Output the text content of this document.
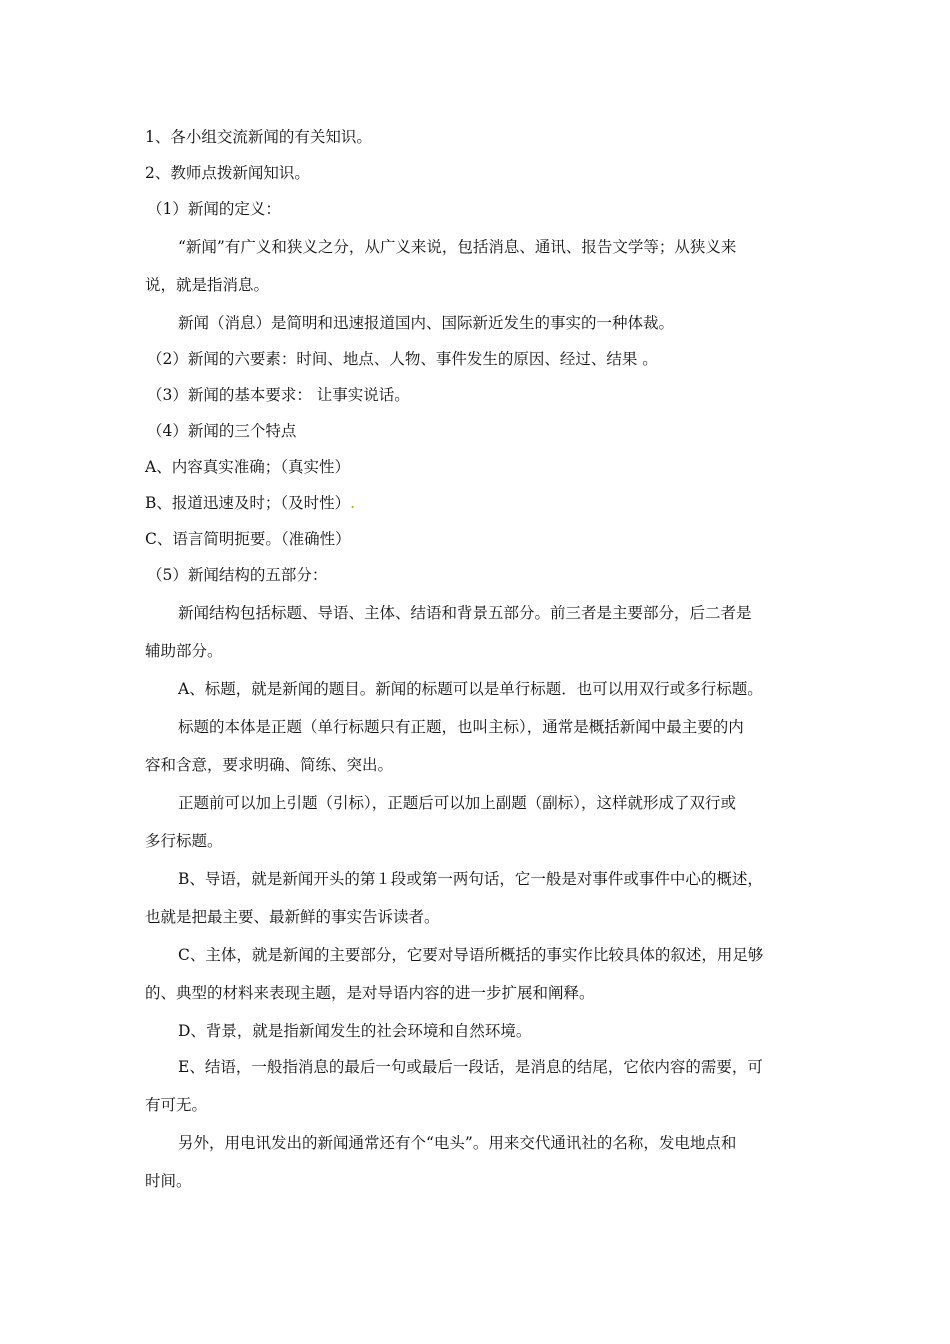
1、各小组交流新闻的有关知识。
2、教师点拨新闻知识。
（1）新闻的定义：
“新闻”有广义和狭义之分，从广义来说，包括消息、通讯、报告文学等；从狭义来
说，就是指消息。
新闻（消息）是简明和迅速报道国内、国际新近发生的事实的一种体裁。
（2）新闻的六要素：时间、地点、人物、事件发生的原因、经过、结果 。
（3）新闻的基本要求： 让事实说话。
（4）新闻的三个特点
A、内容真实准确；（真实性）
B、报道迅速及时；（及时性）.
C、语言简明扼要。（准确性）
（5）新闻结构的五部分：
新闻结构包括标题、导语、主体、结语和背景五部分。前三者是主要部分，后二者是
辅助部分。
A、标题，就是新闻的题目。新闻的标题可以是单行标题．也可以用双行或多行标题。
标题的本体是正题（单行标题只有正题，也叫主标），通常是概括新闻中最主要的内
容和含意，要求明确、简练、突出。
正题前可以加上引题（引标），正题后可以加上副题（副标），这样就形成了双行或
多行标题。
B、导语，就是新闻开头的第１段或第一两句话，它一般是对事件或事件中心的概述，
也就是把最主要、最新鲜的事实告诉读者。
C、主体，就是新闻的主要部分，它要对导语所概括的事实作比较具体的叙述，用足够
的、典型的材料来表现主题，是对导语内容的进一步扩展和阐释。
D、背景，就是指新闻发生的社会环境和自然环境。
E、结语，一般指消息的最后一句或最后一段话，是消息的结尾，它依内容的需要，可
有可无。
另外，用电讯发出的新闻通常还有个“电头”。用来交代通讯社的名称，发电地点和
时间。
